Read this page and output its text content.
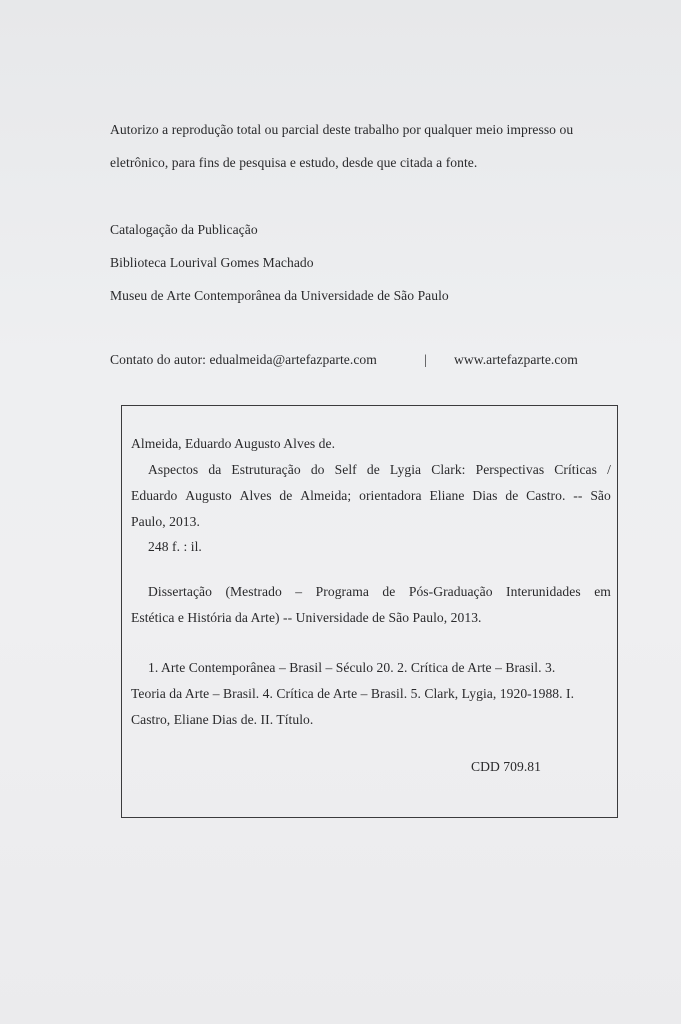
Autorizo a reprodução total ou parcial deste trabalho por qualquer meio impresso ou
eletrônico, para fins de pesquisa e estudo, desde que citada a fonte.
Catalogação da Publicação
Biblioteca Lourival Gomes Machado
Museu de Arte Contemporânea da Universidade de São Paulo
Contato do autor: edualmeida@artefazparte.com	| www.artefazparte.com
Almeida, Eduardo Augusto Alves de.
Aspectos da Estruturação do Self de Lygia Clark: Perspectivas Críticas /
Eduardo Augusto Alves de Almeida; orientadora Eliane Dias de Castro. -- São
Paulo, 2013.
248 f. : il.
Dissertação (Mestrado – Programa de Pós-Graduação Interunidades em
Estética e História da Arte) -- Universidade de São Paulo, 2013.
1. Arte Contemporânea – Brasil – Século 20. 2. Crítica de Arte – Brasil. 3.
Teoria da Arte – Brasil. 4. Crítica de Arte – Brasil. 5. Clark, Lygia, 1920-1988. I.
Castro, Eliane Dias de. II. Título.
CDD 709.81
